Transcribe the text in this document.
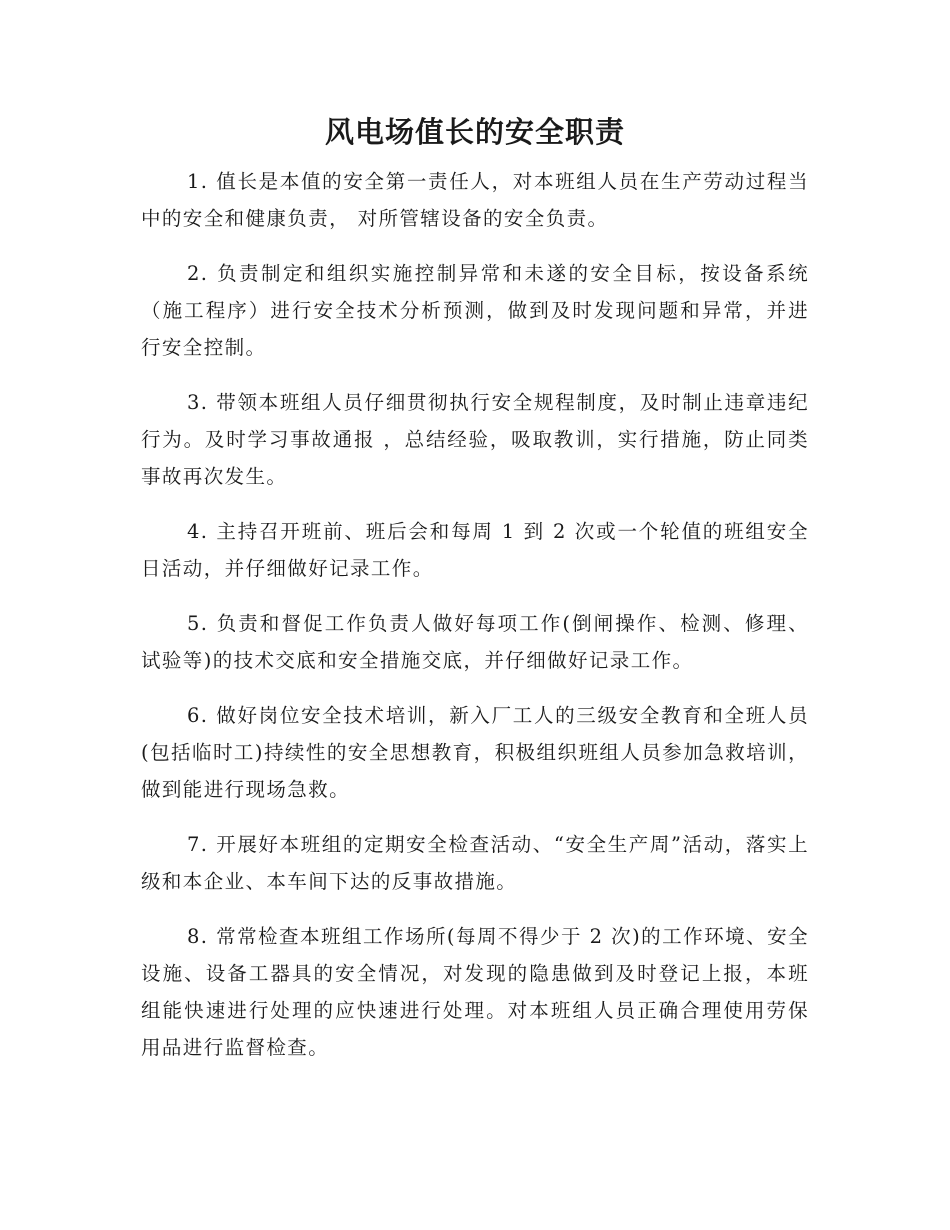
风电场值长的安全职责

1. 值长是本值的安全第一责任人，对本班组人员在生产劳动过程当中的安全和健康负责， 对所管辖设备的安全负责。

2. 负责制定和组织实施控制异常和未遂的安全目标，按设备系统（施工程序）进行安全技术分析预测，做到及时发现问题和异常，并进行安全控制。

3. 带领本班组人员仔细贯彻执行安全规程制度，及时制止违章违纪行为。及时学习事故通报 ，总结经验，吸取教训，实行措施，防止同类事故再次发生。

4. 主持召开班前、班后会和每周 1 到 2 次或一个轮值的班组安全日活动，并仔细做好记录工作。

5. 负责和督促工作负责人做好每项工作(倒闸操作、检测、修理、试验等)的技术交底和安全措施交底，并仔细做好记录工作。

6. 做好岗位安全技术培训，新入厂工人的三级安全教育和全班人员(包括临时工)持续性的安全思想教育，积极组织班组人员参加急救培训，做到能进行现场急救。

7. 开展好本班组的定期安全检查活动、“安全生产周”活动，落实上级和本企业、本车间下达的反事故措施。

8. 常常检查本班组工作场所(每周不得少于 2 次)的工作环境、安全设施、设备工器具的安全情况，对发现的隐患做到及时登记上报，本班组能快速进行处理的应快速进行处理。对本班组人员正确合理使用劳保用品进行监督检查。
